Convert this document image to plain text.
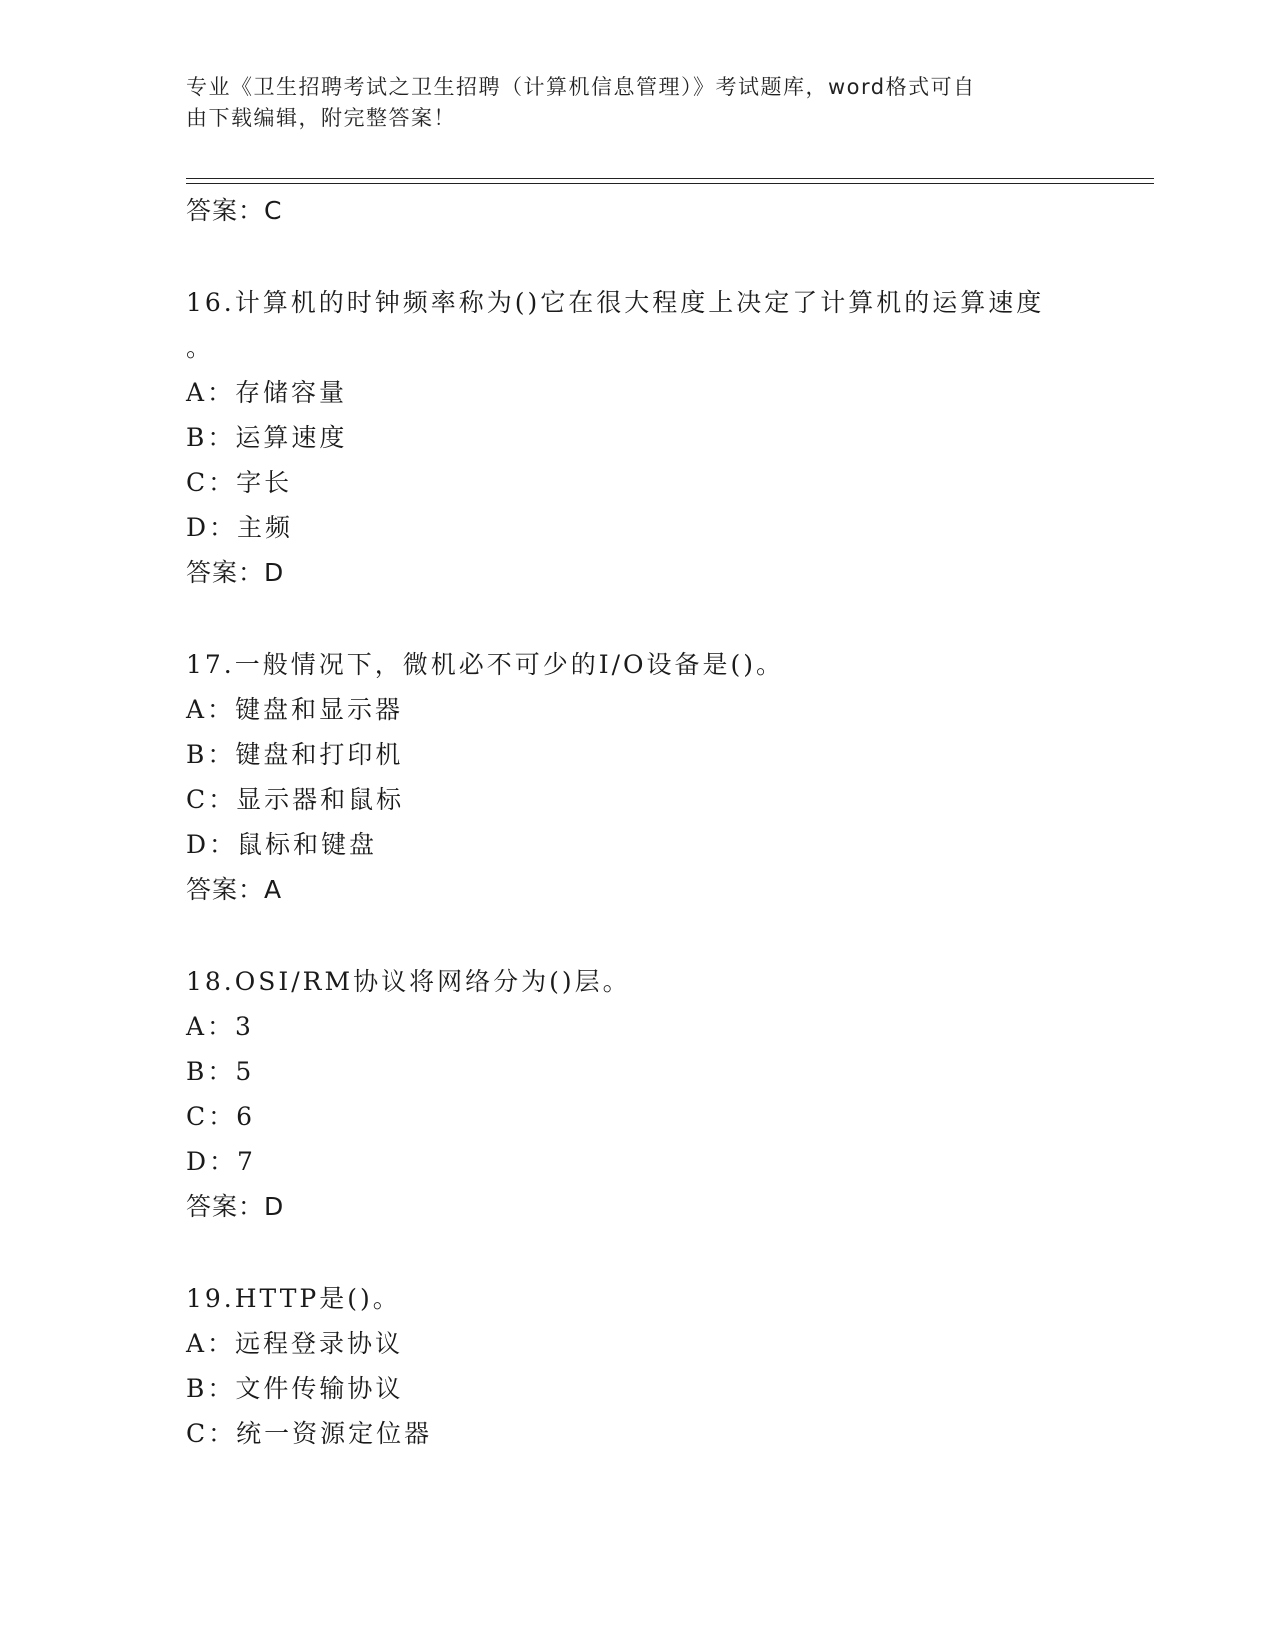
专业《卫生招聘考试之卫生招聘（计算机信息管理）》考试题库，word格式可自
由下载编辑，附完整答案！
答案：C
16.计算机的时钟频率称为()它在很大程度上决定了计算机的运算速度
。
A：存储容量
B：运算速度
C：字长
D：主频
答案：D
17.一般情况下，微机必不可少的I/O设备是()。
A：键盘和显示器
B：键盘和打印机
C：显示器和鼠标
D：鼠标和键盘
答案：A
18.OSI/RM协议将网络分为()层。
A：3
B：5
C：6
D：7
答案：D
19.HTTP是()。
A：远程登录协议
B：文件传输协议
C：统一资源定位器
